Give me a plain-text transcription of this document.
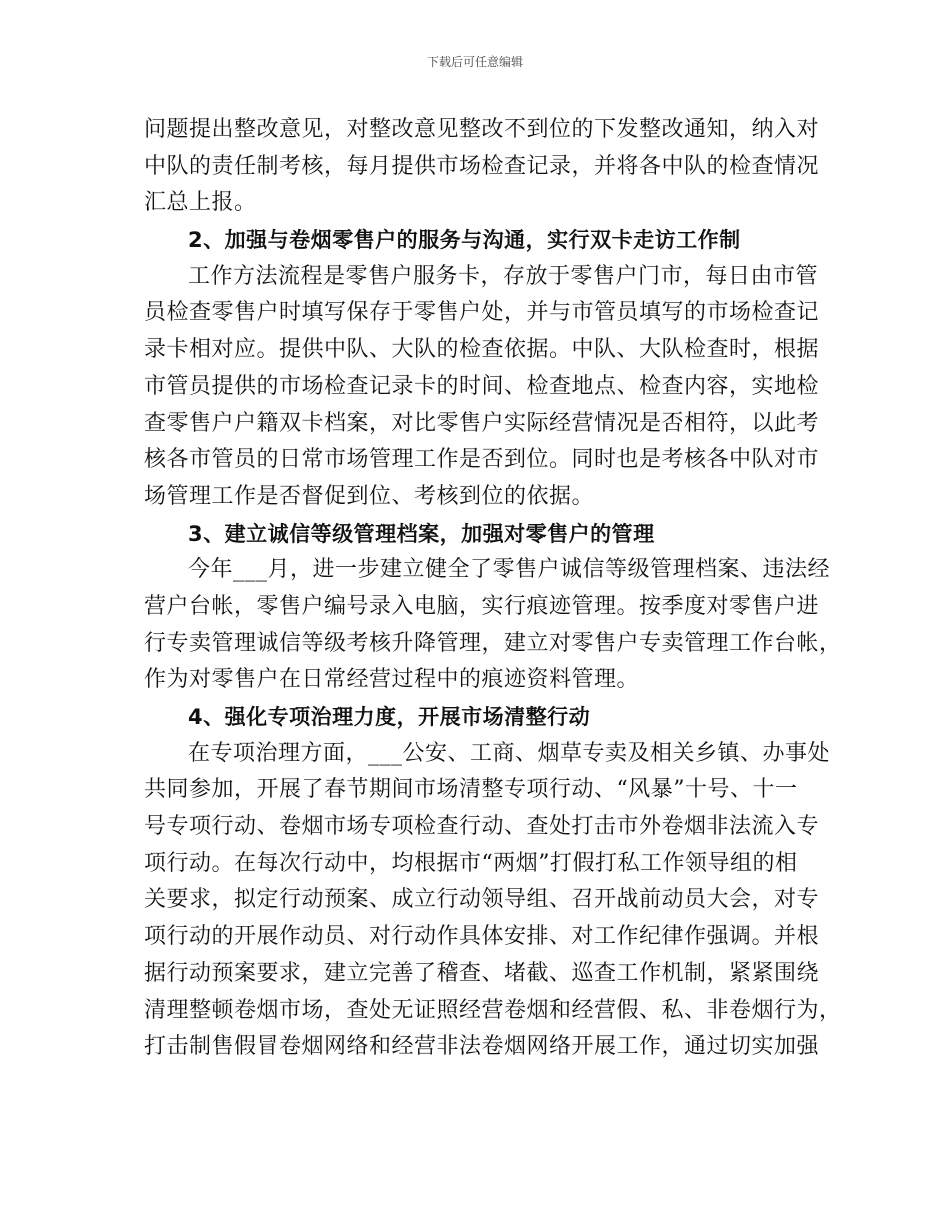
下载后可任意编辑
问题提出整改意见，对整改意见整改不到位的下发整改通知，纳入对
中队的责任制考核，每月提供市场检查记录，并将各中队的检查情况
汇总上报。
2、加强与卷烟零售户的服务与沟通，实行双卡走访工作制
工作方法流程是零售户服务卡，存放于零售户门市，每日由市管
员检查零售户时填写保存于零售户处，并与市管员填写的市场检查记
录卡相对应。提供中队、大队的检查依据。中队、大队检查时，根据
市管员提供的市场检查记录卡的时间、检查地点、检查内容，实地检
查零售户户籍双卡档案，对比零售户实际经营情况是否相符，以此考
核各市管员的日常市场管理工作是否到位。同时也是考核各中队对市
场管理工作是否督促到位、考核到位的依据。
3、建立诚信等级管理档案，加强对零售户的管理
今年___月，进一步建立健全了零售户诚信等级管理档案、违法经
营户台帐，零售户编号录入电脑，实行痕迹管理。按季度对零售户进
行专卖管理诚信等级考核升降管理，建立对零售户专卖管理工作台帐，
作为对零售户在日常经营过程中的痕迹资料管理。
4、强化专项治理力度，开展市场清整行动
在专项治理方面，___公安、工商、烟草专卖及相关乡镇、办事处
共同参加，开展了春节期间市场清整专项行动、“风暴”十号、十一
号专项行动、卷烟市场专项检查行动、查处打击市外卷烟非法流入专
项行动。在每次行动中，均根据市“两烟”打假打私工作领导组的相
关要求，拟定行动预案、成立行动领导组、召开战前动员大会，对专
项行动的开展作动员、对行动作具体安排、对工作纪律作强调。并根
据行动预案要求，建立完善了稽查、堵截、巡查工作机制，紧紧围绕
清理整顿卷烟市场，查处无证照经营卷烟和经营假、私、非卷烟行为，
打击制售假冒卷烟网络和经营非法卷烟网络开展工作，通过切实加强
